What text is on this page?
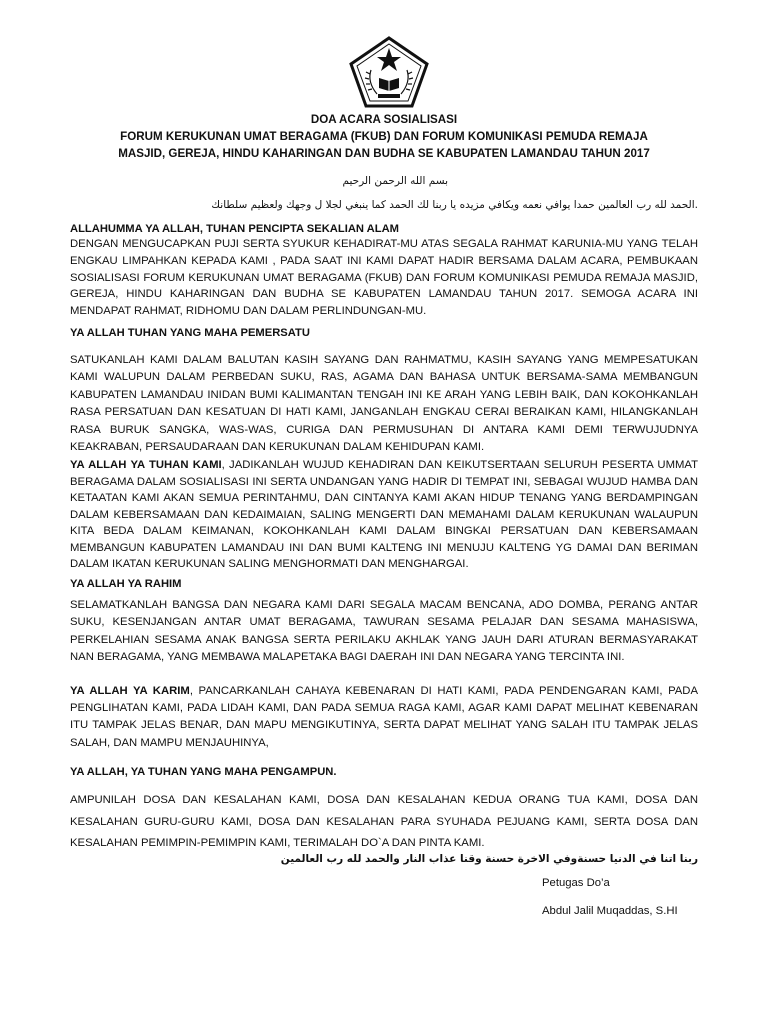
DOA ACARA SOSIALISASI
FORUM KERUKUNAN UMAT BERAGAMA (FKUB) DAN FORUM KOMUNIKASI PEMUDA REMAJA
MASJID, GEREJA, HINDU KAHARINGAN DAN BUDHA SE KABUPATEN LAMANDAU TAHUN 2017
بسم الله الرحمن الرحيم
.الحمد لله رب العالمين حمدا يوافي نعمه ويكافي مزيده يا ربنا لك الحمد كما ينبغي لجلا ل وجهك ولعظيم سلطانك
ALLAHUMMA YA ALLAH, TUHAN PENCIPTA SEKALIAN ALAM
DENGAN MENGUCAPKAN PUJI SERTA SYUKUR KEHADIRAT-MU ATAS SEGALA RAHMAT KARUNIA-MU YANG TELAH ENGKAU LIMPAHKAN KEPADA KAMI , PADA SAAT INI KAMI DAPAT HADIR BERSAMA DALAM ACARA, PEMBUKAAN SOSIALISASI FORUM KERUKUNAN UMAT BERAGAMA (FKUB) DAN FORUM KOMUNIKASI PEMUDA REMAJA MASJID, GEREJA, HINDU KAHARINGAN DAN BUDHA SE KABUPATEN LAMANDAU TAHUN 2017. SEMOGA ACARA INI MENDAPAT RAHMAT, RIDHOMU DAN DALAM PERLINDUNGAN-MU.
YA ALLAH TUHAN YANG MAHA PEMERSATU
SATUKANLAH KAMI DALAM BALUTAN KASIH SAYANG DAN RAHMATMU, KASIH SAYANG YANG MEMPESATUKAN KAMI WALUPUN DALAM PERBEDAN SUKU, RAS, AGAMA DAN BAHASA UNTUK BERSAMA-SAMA MEMBANGUN KABUPATEN LAMANDAU INIDAN BUMI KALIMANTAN TENGAH INI KE ARAH YANG LEBIH BAIK, DAN KOKOHKANLAH RASA PERSATUAN DAN KESATUAN DI HATI KAMI, JANGANLAH ENGKAU CERAI BERAIKAN KAMI, HILANGKANLAH RASA BURUK SANGKA, WAS-WAS, CURIGA DAN PERMUSUHAN DI ANTARA KAMI DEMI TERWUJUDNYA KEAKRABAN, PERSAUDARAAN DAN KERUKUNAN DALAM KEHIDUPAN KAMI.
YA ALLAH YA TUHAN KAMI, JADIKANLAH WUJUD KEHADIRAN DAN KEIKUTSERTAAN SELURUH PESERTA UMMAT BERAGAMA DALAM SOSIALISASI INI SERTA UNDANGAN YANG HADIR DI TEMPAT INI, SEBAGAI WUJUD HAMBA DAN KETAATAN KAMI AKAN SEMUA PERINTAHMU, DAN CINTANYA KAMI AKAN HIDUP TENANG YANG BERDAMPINGAN DALAM KEBERSAMAAN DAN KEDAIMAIAN, SALING MENGERTI DAN MEMAHAMI DALAM KERUKUNAN WALAUPUN KITA BEDA DALAM KEIMANAN, KOKOHKANLAH KAMI DALAM BINGKAI PERSATUAN DAN KEBERSAMAAN MEMBANGUN KABUPATEN LAMANDAU INI DAN BUMI KALTENG INI MENUJU KALTENG YG DAMAI DAN BERIMAN DALAM IKATAN KERUKUNAN SALING MENGHORMATI DAN MENGHARGAI.
YA ALLAH YA RAHIM
SELAMATKANLAH BANGSA DAN NEGARA KAMI DARI SEGALA MACAM BENCANA, ADO DOMBA, PERANG ANTAR SUKU, KESENJANGAN ANTAR UMAT BERAGAMA, TAWURAN SESAMA PELAJAR DAN SESAMA MAHASISWA, PERKELAHIAN SESAMA ANAK BANGSA SERTA PERILAKU AKHLAK YANG JAUH DARI ATURAN BERMASYARAKAT NAN BERAGAMA, YANG MEMBAWA MALAPETAKA BAGI DAERAH INI DAN NEGARA YANG TERCINTA INI.
YA ALLAH YA KARIM, PANCARKANLAH CAHAYA KEBENARAN DI HATI KAMI, PADA PENDENGARAN KAMI, PADA PENGLIHATAN KAMI, PADA LIDAH KAMI, DAN PADA SEMUA RAGA KAMI, AGAR KAMI DAPAT MELIHAT KEBENARAN ITU TAMPAK JELAS BENAR, DAN MAPU MENGIKUTINYA, SERTA DAPAT MELIHAT YANG SALAH ITU TAMPAK JELAS SALAH, DAN MAMPU MENJAUHINYA,
YA ALLAH, YA TUHAN YANG MAHA PENGAMPUN.
AMPUNILAH DOSA DAN KESALAHAN KAMI, DOSA DAN KESALAHAN KEDUA ORANG TUA KAMI, DOSA DAN KESALAHAN GURU-GURU KAMI, DOSA DAN KESALAHAN PARA SYUHADA PEJUANG KAMI, SERTA DOSA DAN KESALAHAN PEMIMPIN-PEMIMPIN KAMI, TERIMALAH DO`A DAN PINTA KAMI.
ربنا اتنا في الدنيا حسنةوفي الاخرة حسنة وقنا عذاب النار والحمد لله رب العالمين
Petugas Do’a
Abdul Jalil Muqaddas, S.HI
